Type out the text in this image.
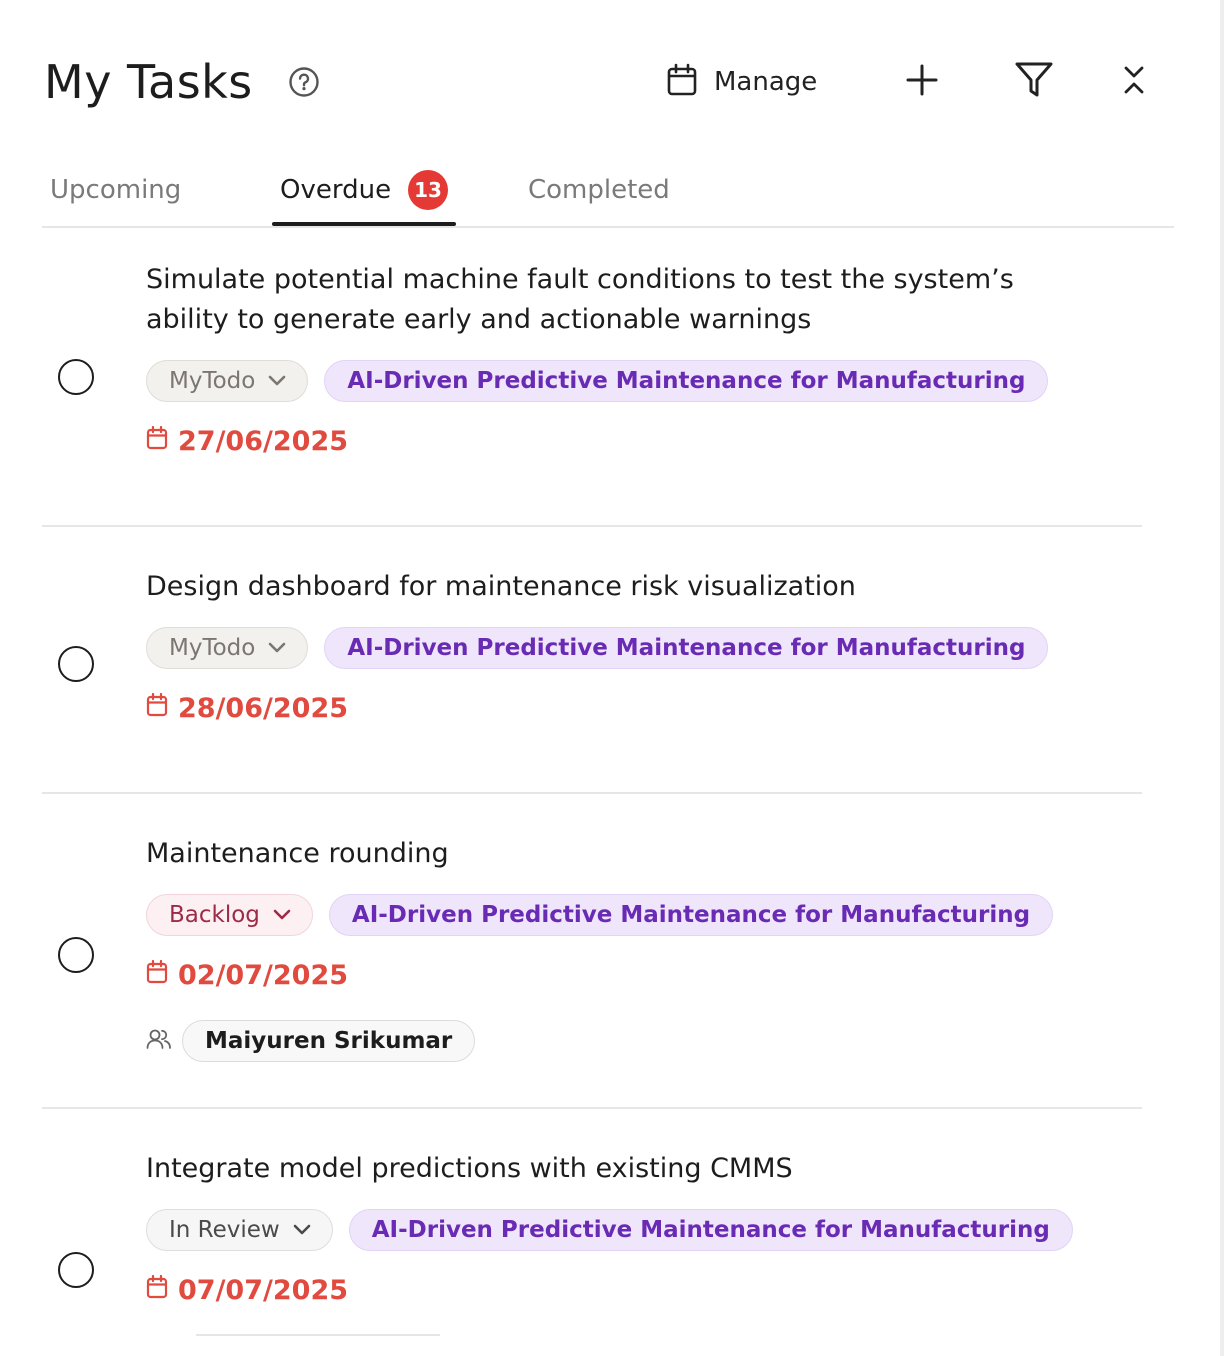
My Tasks	Manage
Upcoming	Overdue	13	Completed
Simulate potential machine fault conditions to test the system’s ability to generate early and actionable warnings
MyTodo	AI-Driven Predictive Maintenance for Manufacturing
27/06/2025
Design dashboard for maintenance risk visualization
MyTodo	AI-Driven Predictive Maintenance for Manufacturing
28/06/2025
Maintenance rounding
Backlog	AI-Driven Predictive Maintenance for Manufacturing
02/07/2025
Maiyuren Srikumar
Integrate model predictions with existing CMMS
In Review	AI-Driven Predictive Maintenance for Manufacturing
07/07/2025
